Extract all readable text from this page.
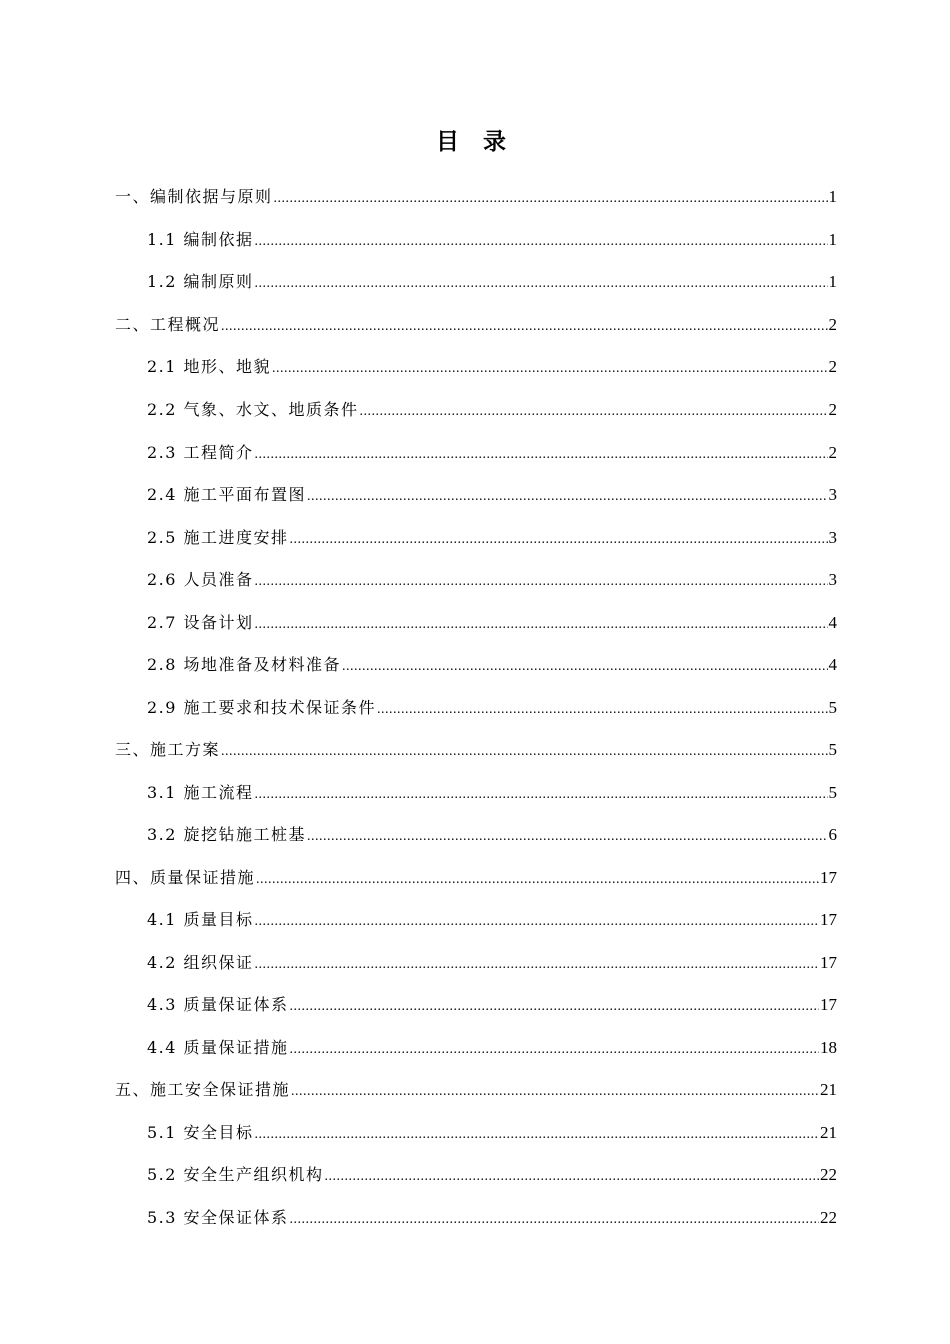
目 录
一、编制依据与原则 .....	1
1.1 编制依据 .....	1
1.2 编制原则 .....	1
二、工程概况 .....	2
2.1 地形、地貌 .....	2
2.2 气象、水文、地质条件 .....	2
2.3 工程简介 .....	2
2.4 施工平面布置图 .....	3
2.5 施工进度安排 .....	3
2.6 人员准备 .....	3
2.7 设备计划 .....	4
2.8 场地准备及材料准备 .....	4
2.9 施工要求和技术保证条件 .....	5
三、施工方案 .....	5
3.1 施工流程 .....	5
3.2 旋挖钻施工桩基 .....	6
四、质量保证措施 .....	17
4.1 质量目标 .....	17
4.2 组织保证 .....	17
4.3 质量保证体系 .....	17
4.4 质量保证措施 .....	18
五、施工安全保证措施 .....	21
5.1 安全目标 .....	21
5.2 安全生产组织机构 .....	22
5.3 安全保证体系 .....	22
